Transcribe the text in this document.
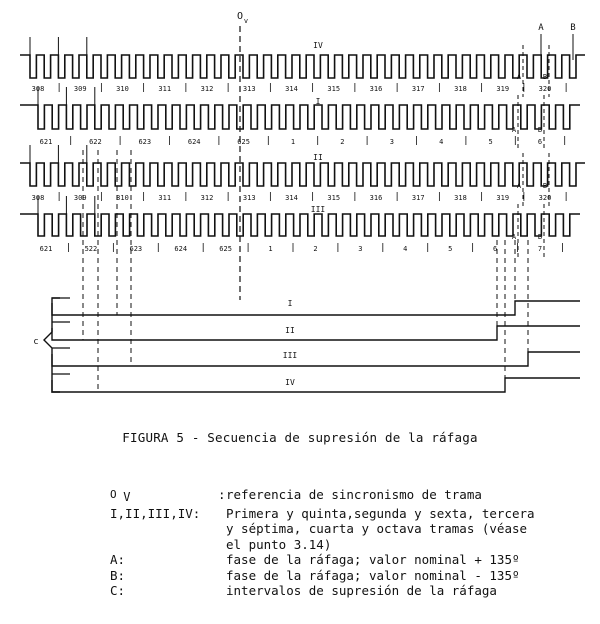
O v
A	B
IV
308	309	310	311	312	313	314	315	316	317	318	319	320
A	B
I
621	622	623	624	625	1	2	3	4	5	6
A	B
II
308	309	310	311	312	313	314	315	316	317	318	319	320
A	B
III
621	522	623	624	625	1	2	3	4	5	6	7
A	B
I
II
III
IV
c
FIGURA 5 - Secuencia de supresión de la ráfaga
O $_V$	: referencia de sincronismo de trama
I,II,III,IV:	Primera y quinta,segunda y sexta, tercera
y séptima, cuarta y octava tramas (véase
el punto 3.14)
A:	fase de la ráfaga; valor nominal + 135º
B:	fase de la ráfaga; valor nominal - 135º
C:	intervalos de supresión de la ráfaga
